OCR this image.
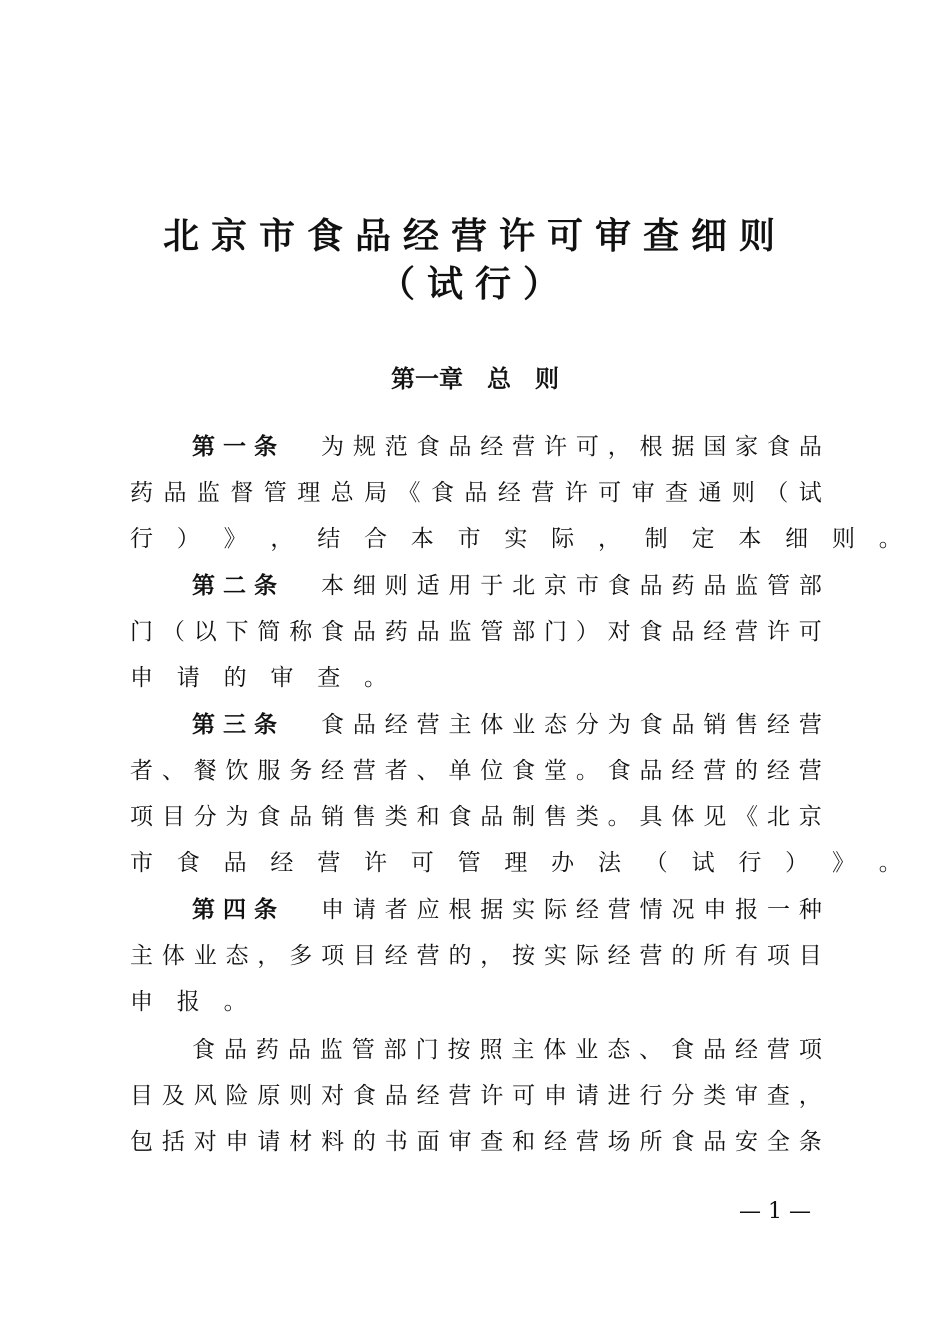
北京市食品经营许可审查细则
（试行）
第一章　总　则
第一条 为 规 范 食 品 经 营 许 可 ， 根 据 国 家 食 品
药 品 监 督 管 理 总 局 《 食 品 经 营 许 可 审 查 通 则 （ 试
行 ） 》 ， 结 合 本 市 实 际 ， 制 定 本 细 则 。
第二条 本 细 则 适 用 于 北 京 市 食 品 药 品 监 管 部
门 （ 以 下 简 称 食 品 药 品 监 管 部 门 ） 对 食 品 经 营 许 可
申 请 的 审 查 。
第三条 食 品 经 营 主 体 业 态 分 为 食 品 销 售 经 营
者 、 餐 饮 服 务 经 营 者 、 单 位 食 堂 。 食 品 经 营 的 经 营
项 目 分 为 食 品 销 售 类 和 食 品 制 售 类 。 具 体 见 《 北 京
市 食 品 经 营 许 可 管 理 办 法 （ 试 行 ） 》 。
第四条 申 请 者 应 根 据 实 际 经 营 情 况 申 报 一 种
主 体 业 态 ， 多 项 目 经 营 的 ， 按 实 际 经 营 的 所 有 项 目
申 报 。
食 品 药 品 监 管 部 门 按 照 主 体 业 态 、 食 品 经 营 项
目 及 风 险 原 则 对 食 品 经 营 许 可 申 请 进 行 分 类 审 查 ，
包 括 对 申 请 材 料 的 书 面 审 查 和 经 营 场 所 食 品 安 全 条
— 1 —
